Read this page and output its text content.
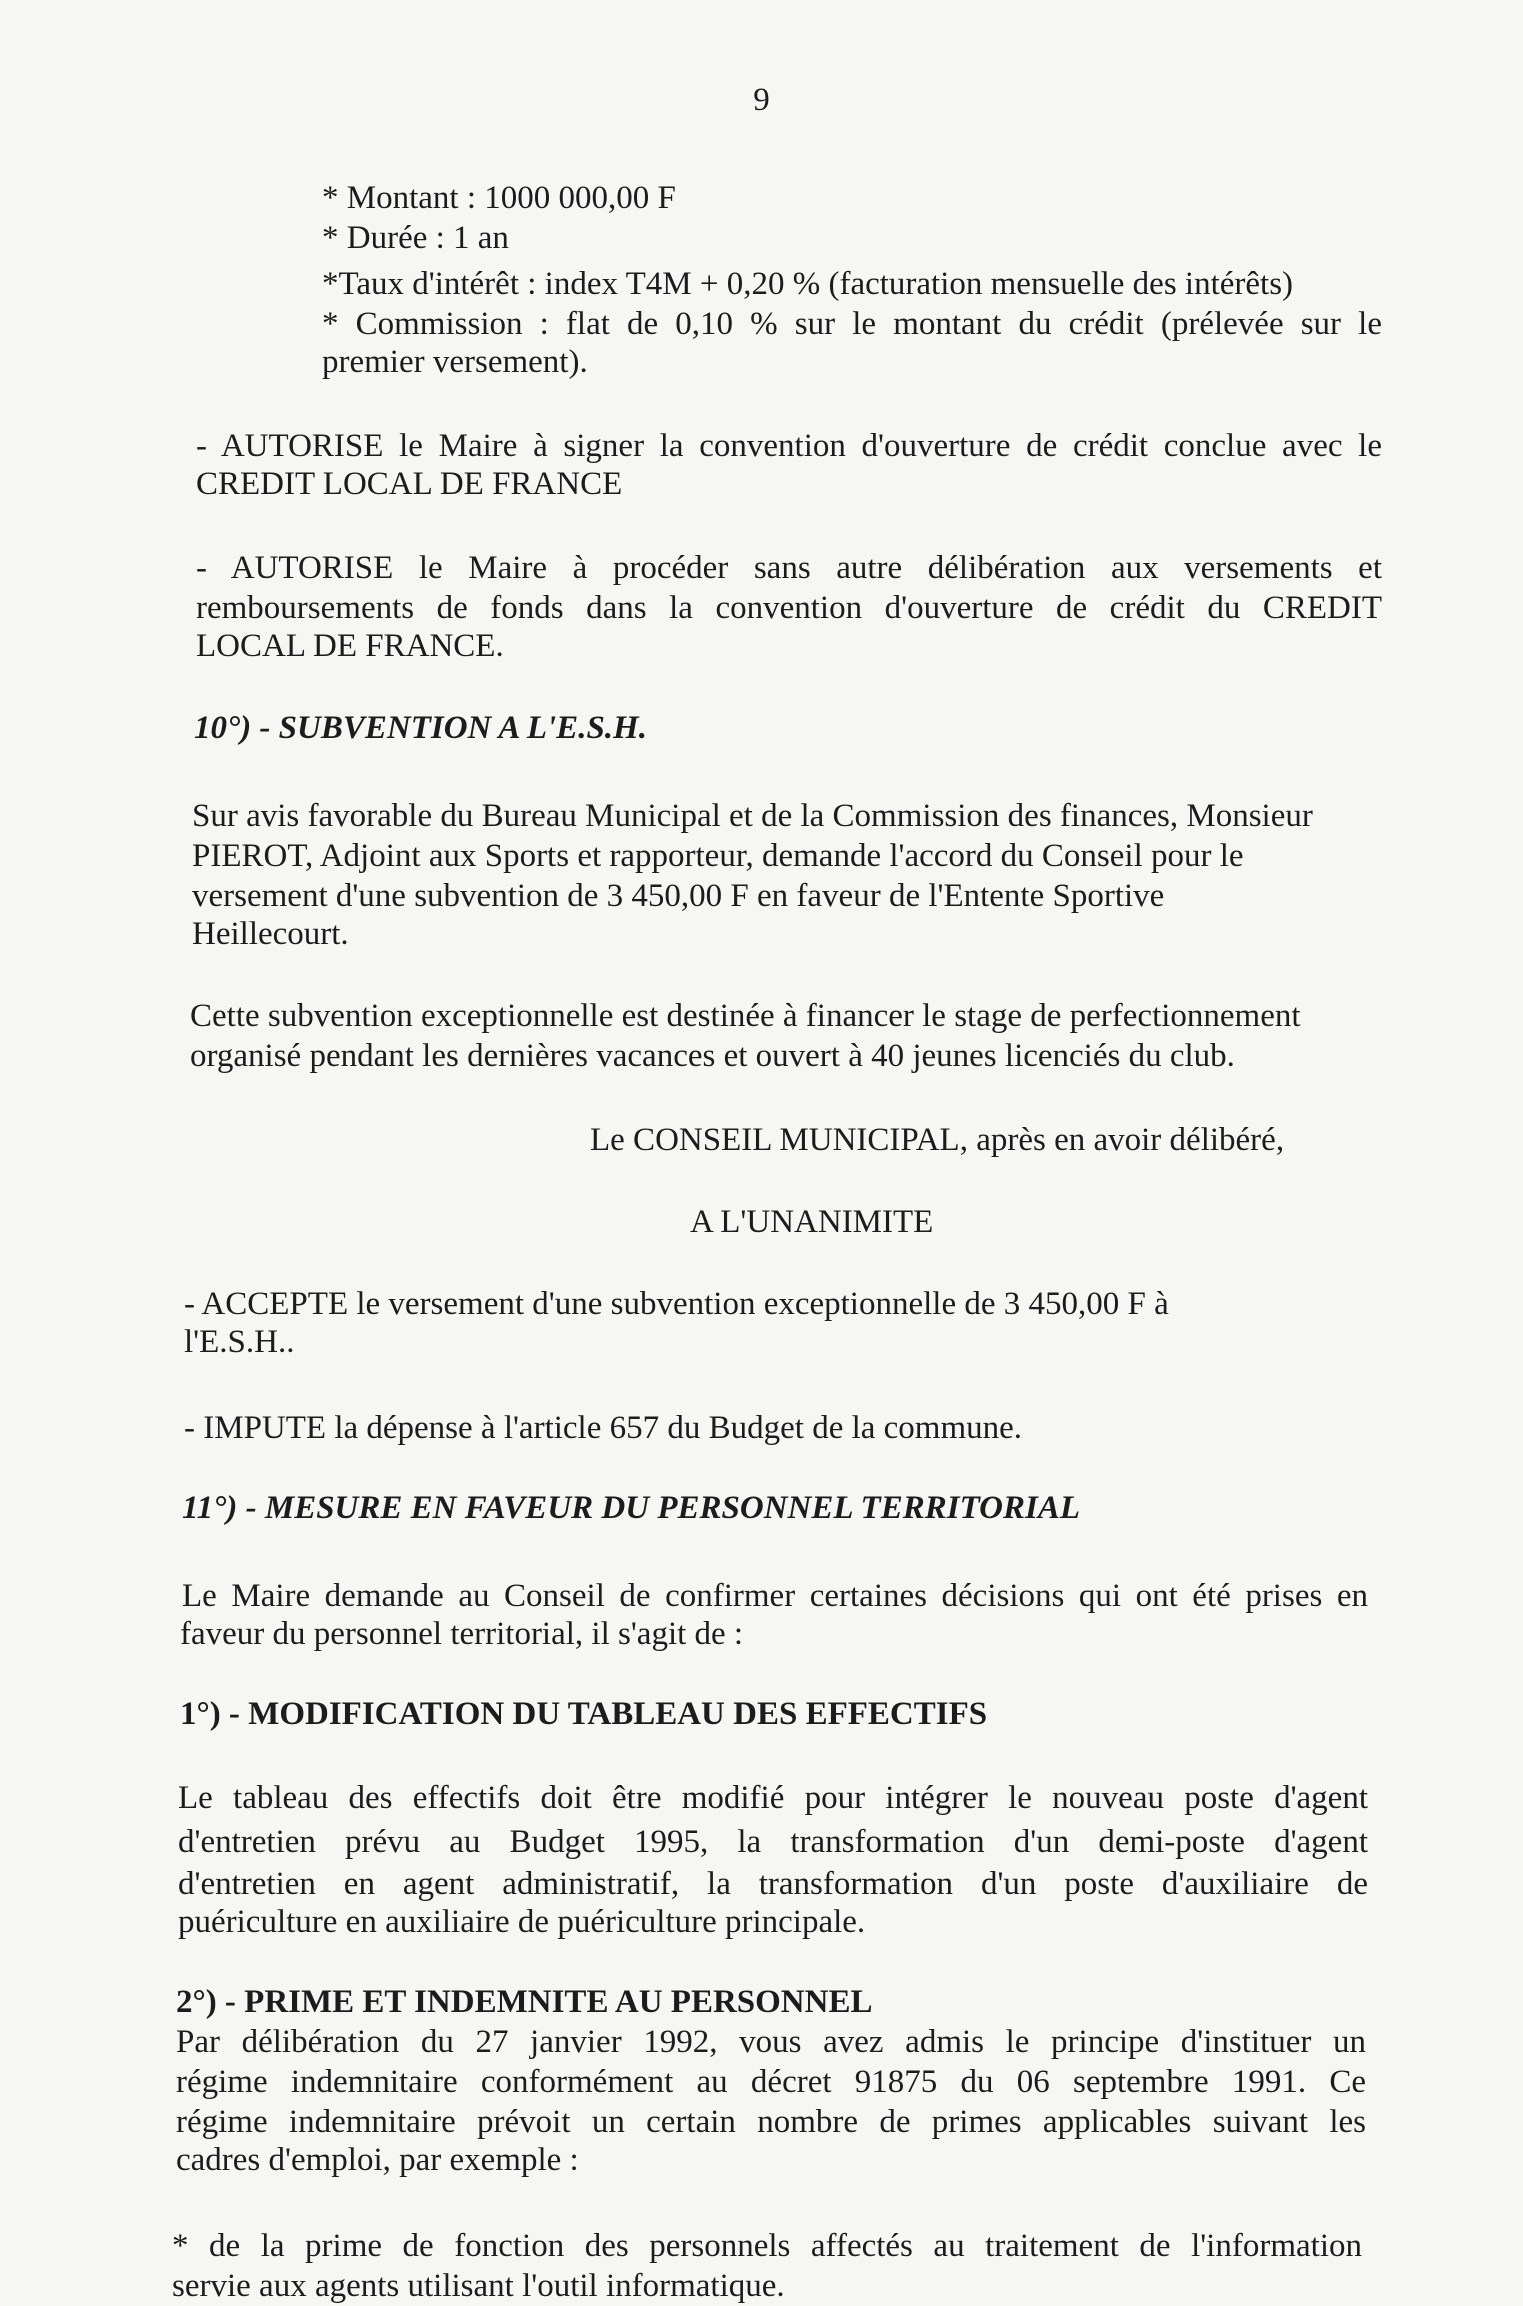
9
* Montant : 1000 000,00 F
* Durée : 1 an
*Taux d'intérêt : index T4M + 0,20 % (facturation mensuelle des intérêts)
* Commission : flat de 0,10 % sur le montant du crédit (prélevée sur le
premier versement).
- AUTORISE le Maire à signer la convention d'ouverture de crédit conclue avec le
CREDIT LOCAL DE FRANCE
- AUTORISE le Maire à procéder sans autre délibération aux versements et
remboursements de fonds dans la convention d'ouverture de crédit du CREDIT
LOCAL DE FRANCE.
10°) - SUBVENTION A L'E.S.H.
Sur avis favorable du Bureau Municipal et de la Commission des finances, Monsieur
PIEROT, Adjoint aux Sports et rapporteur, demande l'accord du Conseil pour le
versement d'une subvention de 3 450,00 F en faveur de l'Entente Sportive
Heillecourt.
Cette subvention exceptionnelle est destinée à financer le stage de perfectionnement
organisé pendant les dernières vacances et ouvert à 40 jeunes licenciés du club.
Le CONSEIL MUNICIPAL, après en avoir délibéré,
A L'UNANIMITE
- ACCEPTE le versement d'une subvention exceptionnelle de 3 450,00 F à
l'E.S.H..
- IMPUTE la dépense à l'article 657 du Budget de la commune.
11°) - MESURE EN FAVEUR DU PERSONNEL TERRITORIAL
Le Maire demande au Conseil de confirmer certaines décisions qui ont été prises en
faveur du personnel territorial, il s'agit de :
1°) - MODIFICATION DU TABLEAU DES EFFECTIFS
Le tableau des effectifs doit être modifié pour intégrer le nouveau poste d'agent
d'entretien prévu au Budget 1995, la transformation d'un demi-poste d'agent
d'entretien en agent administratif, la transformation d'un poste d'auxiliaire de
puériculture en auxiliaire de puériculture principale.
2°) - PRIME ET INDEMNITE AU PERSONNEL
Par délibération du 27 janvier 1992, vous avez admis le principe d'instituer un
régime indemnitaire conformément au décret 91875 du 06 septembre 1991. Ce
régime indemnitaire prévoit un certain nombre de primes applicables suivant les
cadres d'emploi, par exemple :
* de la prime de fonction des personnels affectés au traitement de l'information
servie aux agents utilisant l'outil informatique.
